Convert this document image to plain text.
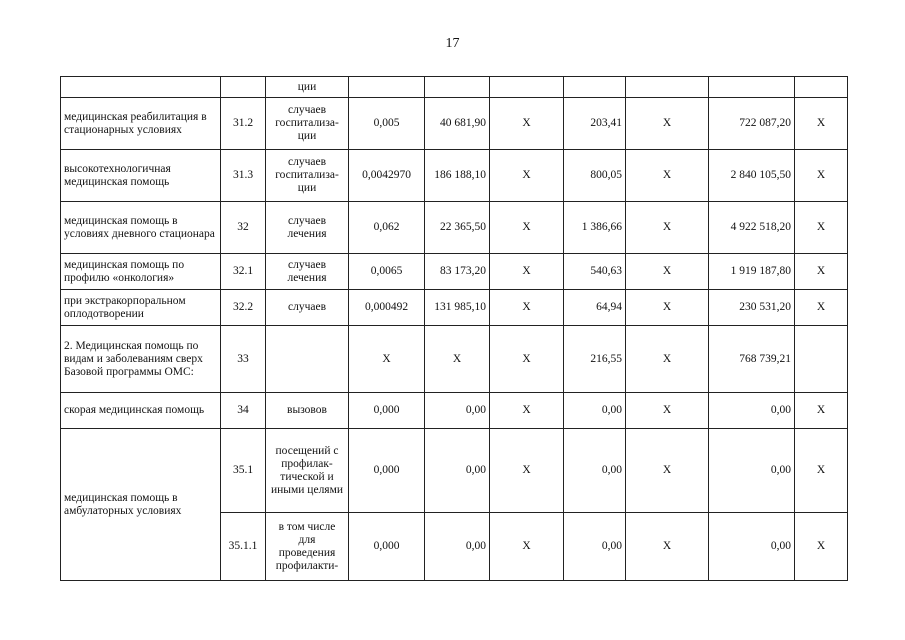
17
		ции							
медицинская реабилитация в стационарных условиях	31.2	случаев госпитализа-ции	0,005	40 681,90	X	203,41	X	722 087,20	X
высокотехнологичная медицинская помощь	31.3	случаев госпитализа-ции	0,0042970	186 188,10	X	800,05	X	2 840 105,50	X
медицинская помощь в условиях дневного стационара	32	случаев лечения	0,062	22 365,50	X	1 386,66	X	4 922 518,20	X
медицинская помощь по профилю «онкология»	32.1	случаев лечения	0,0065	83 173,20	X	540,63	X	1 919 187,80	X
при экстракорпоральном оплодотворении	32.2	случаев	0,000492	131 985,10	X	64,94	X	230 531,20	X
2. Медицинская помощь по видам и заболеваниям сверх Базовой программы ОМС:	33		X	X	X	216,55	X	768 739,21	
скорая медицинская помощь	34	вызовов	0,000	0,00	X	0,00	X	0,00	X
медицинская помощь в амбулаторных условиях	35.1	посещений с профилак-тической и иными целями	0,000	0,00	X	0,00	X	0,00	X
	35.1.1	в том числе для проведения профилакти-	0,000	0,00	X	0,00	X	0,00	X
